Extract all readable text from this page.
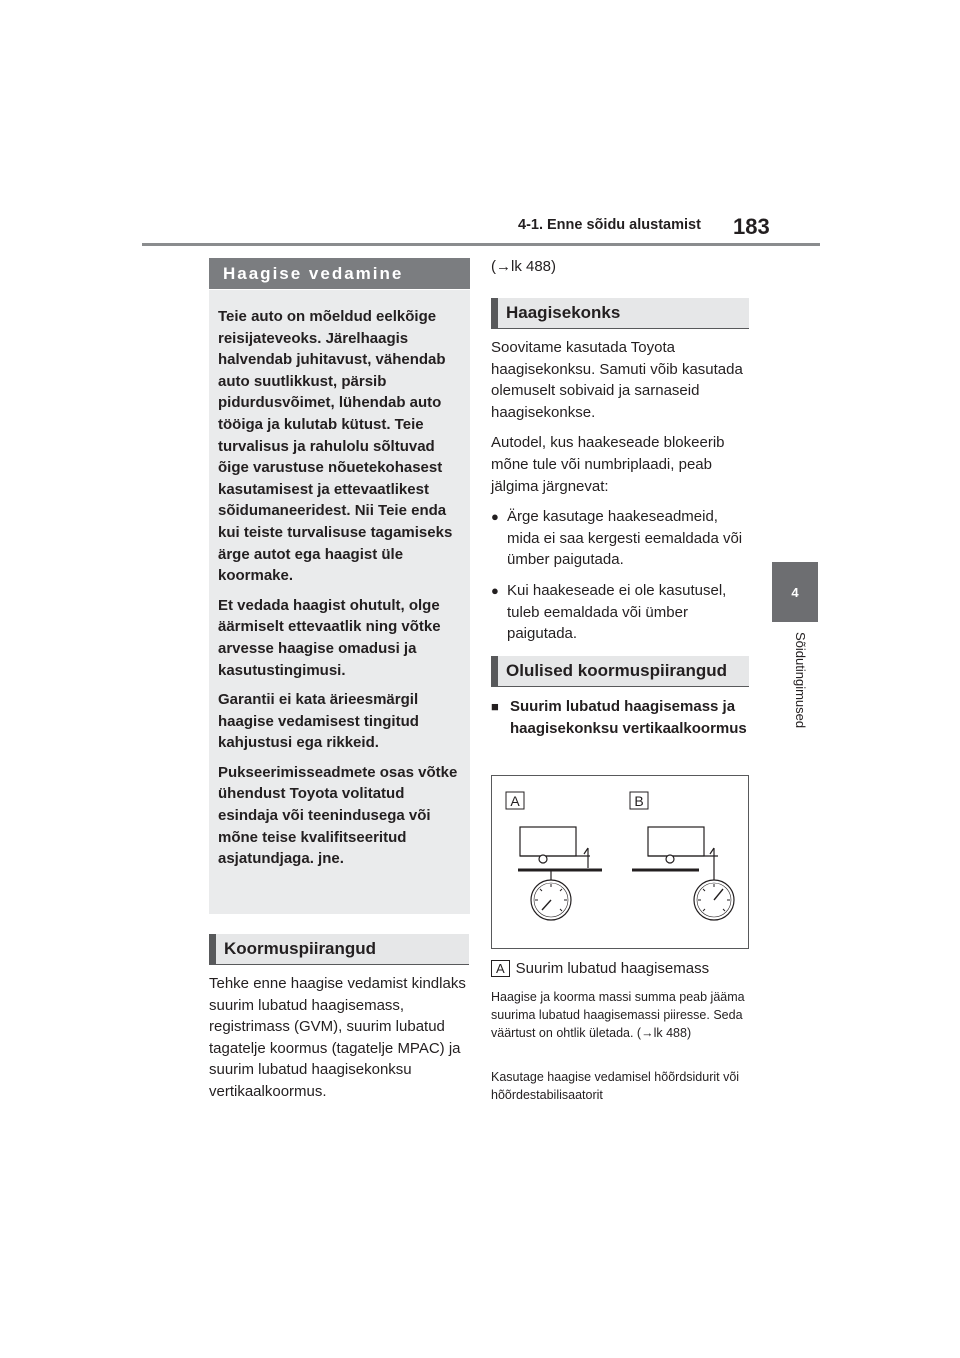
4-1. Enne sõidu alustamist 183
4
Sõidutingimused
Haagise vedamine

Teie auto on mõeldud eelkõige reisijateveoks. Järelhaagis halvendab juhitavust, vähendab auto suutlikkust, pärsib pidurdusvõimet, lühendab auto tööiga ja kulutab kütust. Teie turvalisus ja rahulolu sõltuvad õige varustuse nõuetekohasest kasutamisest ja ettevaatlikest sõidumaneeridest. Nii Teie enda kui teiste turvalisuse tagamiseks ärge autot ega haagist üle koormake.

Et vedada haagist ohutult, olge äärmiselt ettevaatlik ning võtke arvesse haagise omadusi ja kasutustingimusi.

Garantii ei kata ärieesmärgil haagise vedamisest tingitud kahjustusi ega rikkeid.

Pukseerimisseadmete osas võtke ühendust Toyota volitatud esindaja või teenindusega või mõne teise kvalifitseeritud asjatundjaga. jne.

Koormuspiirangud

Tehke enne haagise vedamist kindlaks suurim lubatud haagisemass, registrimass (GVM), suurim lubatud tagatelje koormus (tagatelje MPAC) ja suurim lubatud haagisekonksu vertikaalkoormus.

(→lk 488)

Haagisekonks

Soovitame kasutada Toyota haagisekonksu. Samuti võib kasutada olemuselt sobivaid ja sarnaseid haagisekonkse.

Autodel, kus haakeseade blokeerib mõne tule või numbriplaadi, peab jälgima järgnevat:

● Ärge kasutage haakeseadmeid, mida ei saa kergesti eemaldada või ümber paigutada.
● Kui haakeseade ei ole kasutusel, tuleb eemaldada või ümber paigutada.
Olulised koormuspiirangud
■ Suurim lubatud haagisemass ja haagisekonksu vertikaalkoormus
A	B
A Suurim lubatud haagisemass
Haagise ja koorma massi summa peab jääma suurima lubatud haagisemassi piiresse. Seda väärtust on ohtlik ületada. (→lk 488)
Kasutage haagise vedamisel hõõrdsidurit või hõõrdestabilisaatorit
